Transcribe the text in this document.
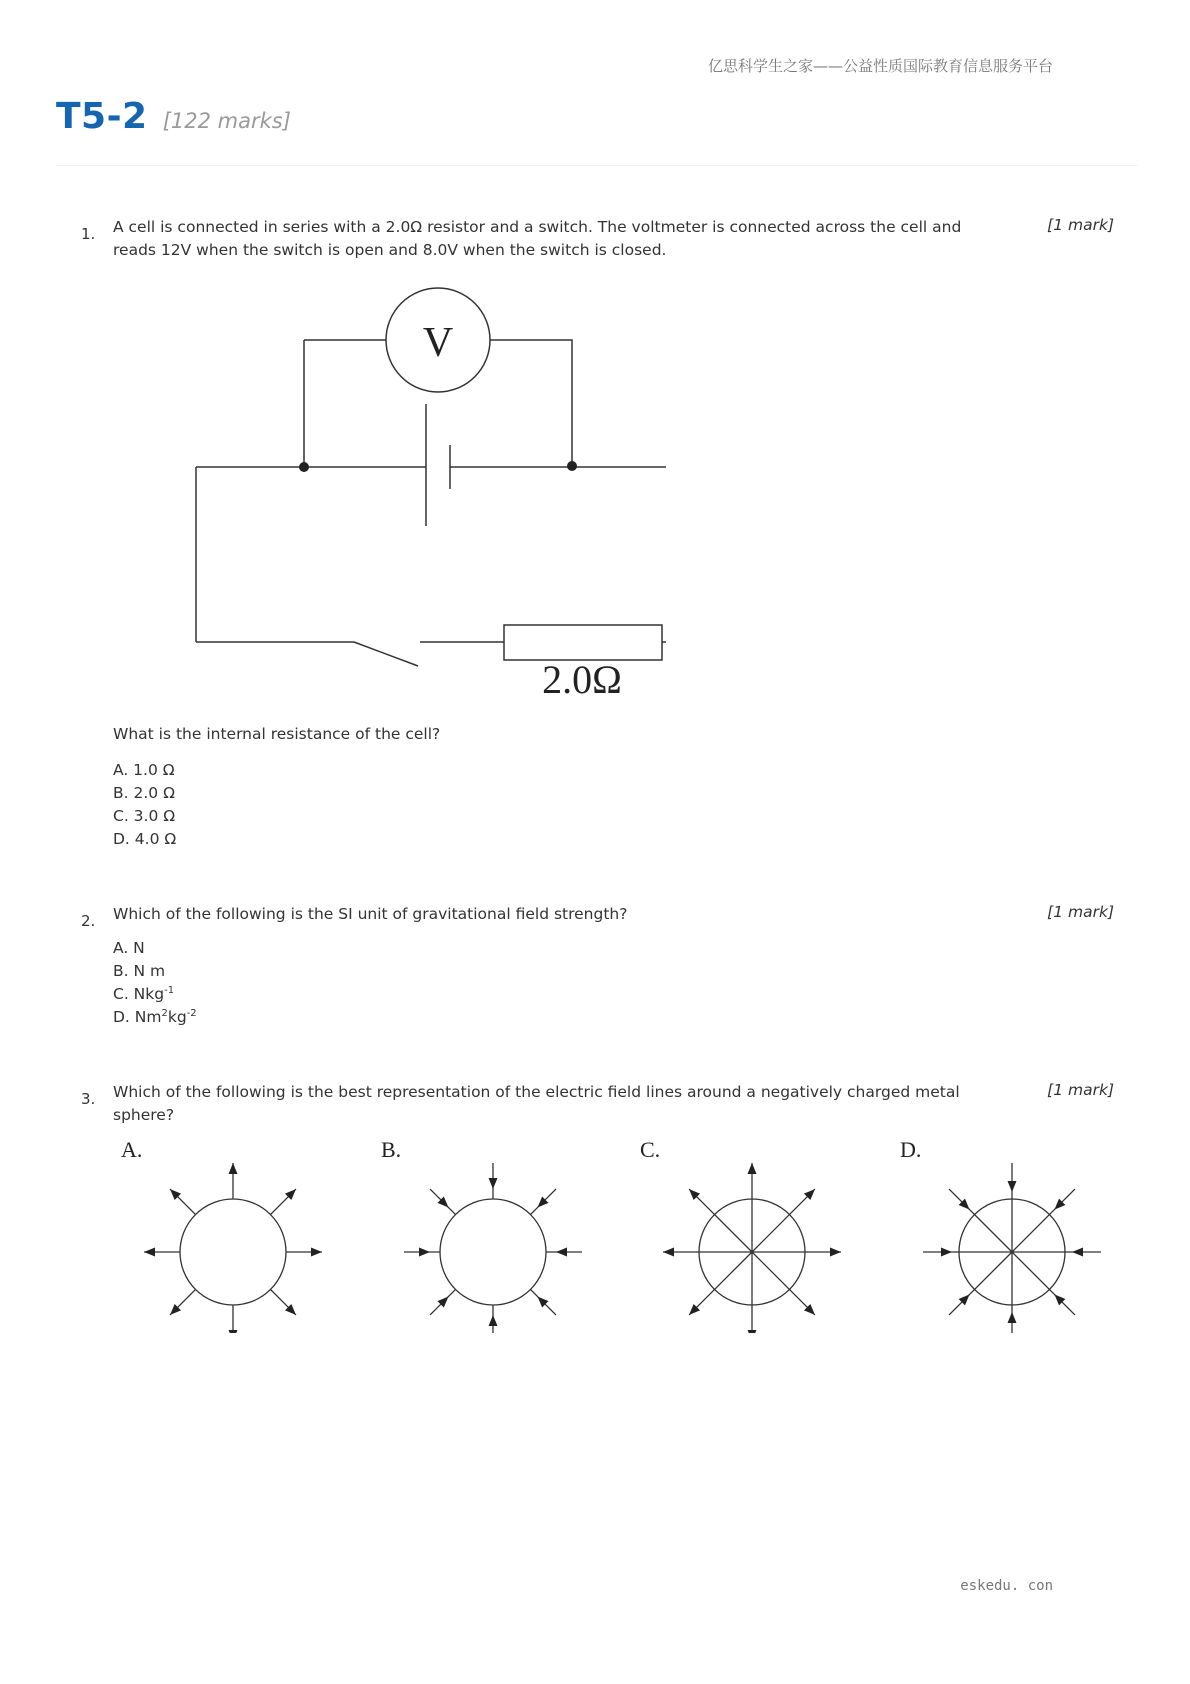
亿思科学生之家——公益性质国际教育信息服务平台
T5-2 [122 marks]
1. A cell is connected in series with a 2.0Ω resistor and a switch. The voltmeter is connected across the cell and reads 12V when the switch is open and 8.0V when the switch is closed.
[1 mark]
V
2.0Ω
What is the internal resistance of the cell?
A. 1.0 Ω
B. 2.0 Ω
C. 3.0 Ω
D. 4.0 Ω
2. Which of the following is the SI unit of gravitational field strength?	[1 mark]
A. N
B. N m
C. Nkg$^{-1}$
D. $Nm^2kg^{-2}$
3. Which of the following is the best representation of the electric field lines around a negatively charged metal sphere?
[1 mark]
A.	B.	C.	D.
eskedu. con
